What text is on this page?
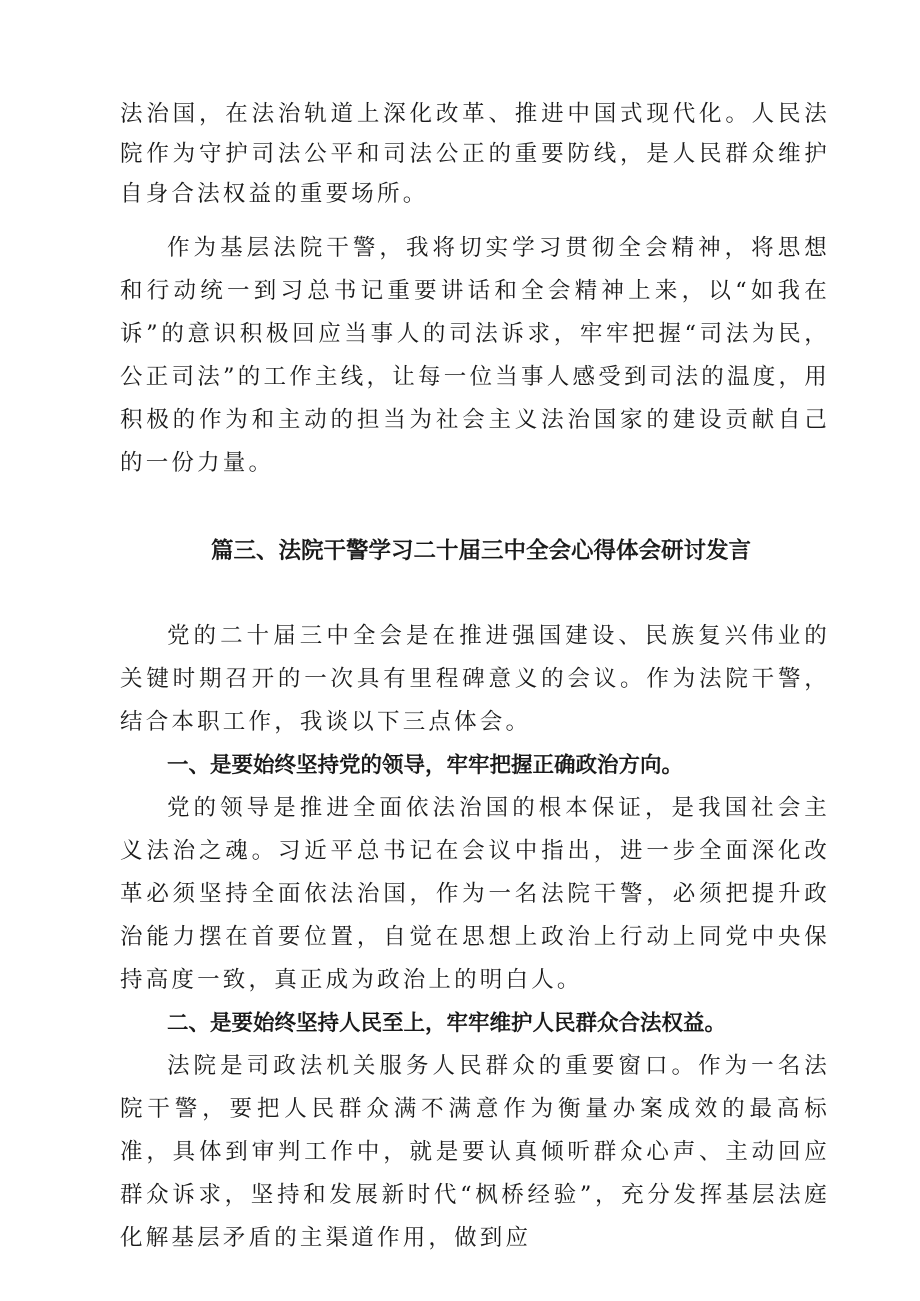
法治国，在法治轨道上深化改革、推进中国式现代化。人民法院作为守护司法公平和司法公正的重要防线，是人民群众维护自身合法权益的重要场所。

作为基层法院干警，我将切实学习贯彻全会精神，将思想和行动统一到习总书记重要讲话和全会精神上来，以“如我在诉”的意识积极回应当事人的司法诉求，牢牢把握“司法为民，公正司法”的工作主线，让每一位当事人感受到司法的温度，用积极的作为和主动的担当为社会主义法治国家的建设贡献自己的一份力量。

篇三、法院干警学习二十届三中全会心得体会研讨发言

党的二十届三中全会是在推进强国建设、民族复兴伟业的关键时期召开的一次具有里程碑意义的会议。作为法院干警，结合本职工作，我谈以下三点体会。

一、是要始终坚持党的领导，牢牢把握正确政治方向。

党的领导是推进全面依法治国的根本保证，是我国社会主义法治之魂。习近平总书记在会议中指出，进一步全面深化改革必须坚持全面依法治国，作为一名法院干警，必须把提升政治能力摆在首要位置，自觉在思想上政治上行动上同党中央保持高度一致，真正成为政治上的明白人。

二、是要始终坚持人民至上，牢牢维护人民群众合法权益。

法院是司政法机关服务人民群众的重要窗口。作为一名法院干警，要把人民群众满不满意作为衡量办案成效的最高标准，具体到审判工作中，就是要认真倾听群众心声、主动回应群众诉求，坚持和发展新时代“枫桥经验”，充分发挥基层法庭化解基层矛盾的主渠道作用，做到应
